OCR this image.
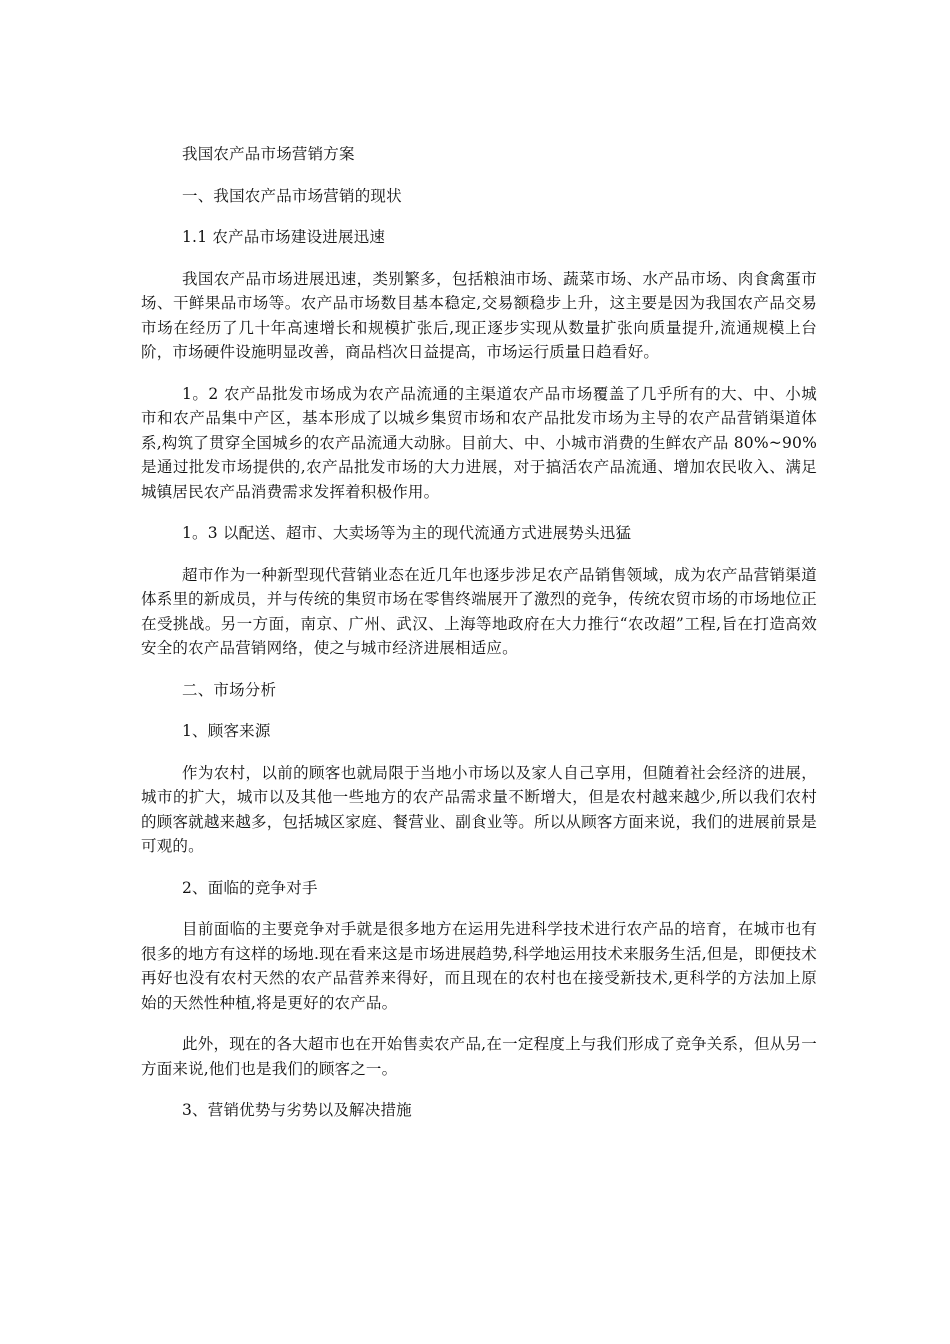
我国农产品市场营销方案

一、我国农产品市场营销的现状

1.1 农产品市场建设进展迅速

我国农产品市场进展迅速，类别繁多，包括粮油市场、蔬菜市场、水产品市场、肉食禽蛋市场、干鲜果品市场等。农产品市场数目基本稳定,交易额稳步上升，这主要是因为我国农产品交易市场在经历了几十年高速增长和规模扩张后,现正逐步实现从数量扩张向质量提升,流通规模上台阶，市场硬件设施明显改善，商品档次日益提高，市场运行质量日趋看好。

1。2 农产品批发市场成为农产品流通的主渠道农产品市场覆盖了几乎所有的大、中、小城市和农产品集中产区，基本形成了以城乡集贸市场和农产品批发市场为主导的农产品营销渠道体系,构筑了贯穿全国城乡的农产品流通大动脉。目前大、中、小城市消费的生鲜农产品 80%~90%是通过批发市场提供的,农产品批发市场的大力进展，对于搞活农产品流通、增加农民收入、满足城镇居民农产品消费需求发挥着积极作用。

1。3 以配送、超市、大卖场等为主的现代流通方式进展势头迅猛

超市作为一种新型现代营销业态在近几年也逐步涉足农产品销售领域，成为农产品营销渠道体系里的新成员，并与传统的集贸市场在零售终端展开了激烈的竞争，传统农贸市场的市场地位正在受挑战。另一方面，南京、广州、武汉、上海等地政府在大力推行“农改超”工程,旨在打造高效安全的农产品营销网络，使之与城市经济进展相适应。

二、市场分析

1、顾客来源

作为农村，以前的顾客也就局限于当地小市场以及家人自己享用，但随着社会经济的进展，城市的扩大，城市以及其他一些地方的农产品需求量不断增大，但是农村越来越少,所以我们农村的顾客就越来越多，包括城区家庭、餐营业、副食业等。所以从顾客方面来说，我们的进展前景是可观的。

2、面临的竞争对手

目前面临的主要竞争对手就是很多地方在运用先进科学技术进行农产品的培育，在城市也有很多的地方有这样的场地.现在看来这是市场进展趋势,科学地运用技术来服务生活,但是，即便技术再好也没有农村天然的农产品营养来得好，而且现在的农村也在接受新技术,更科学的方法加上原始的天然性种植,将是更好的农产品。

此外，现在的各大超市也在开始售卖农产品,在一定程度上与我们形成了竞争关系，但从另一方面来说,他们也是我们的顾客之一。

3、营销优势与劣势以及解决措施
